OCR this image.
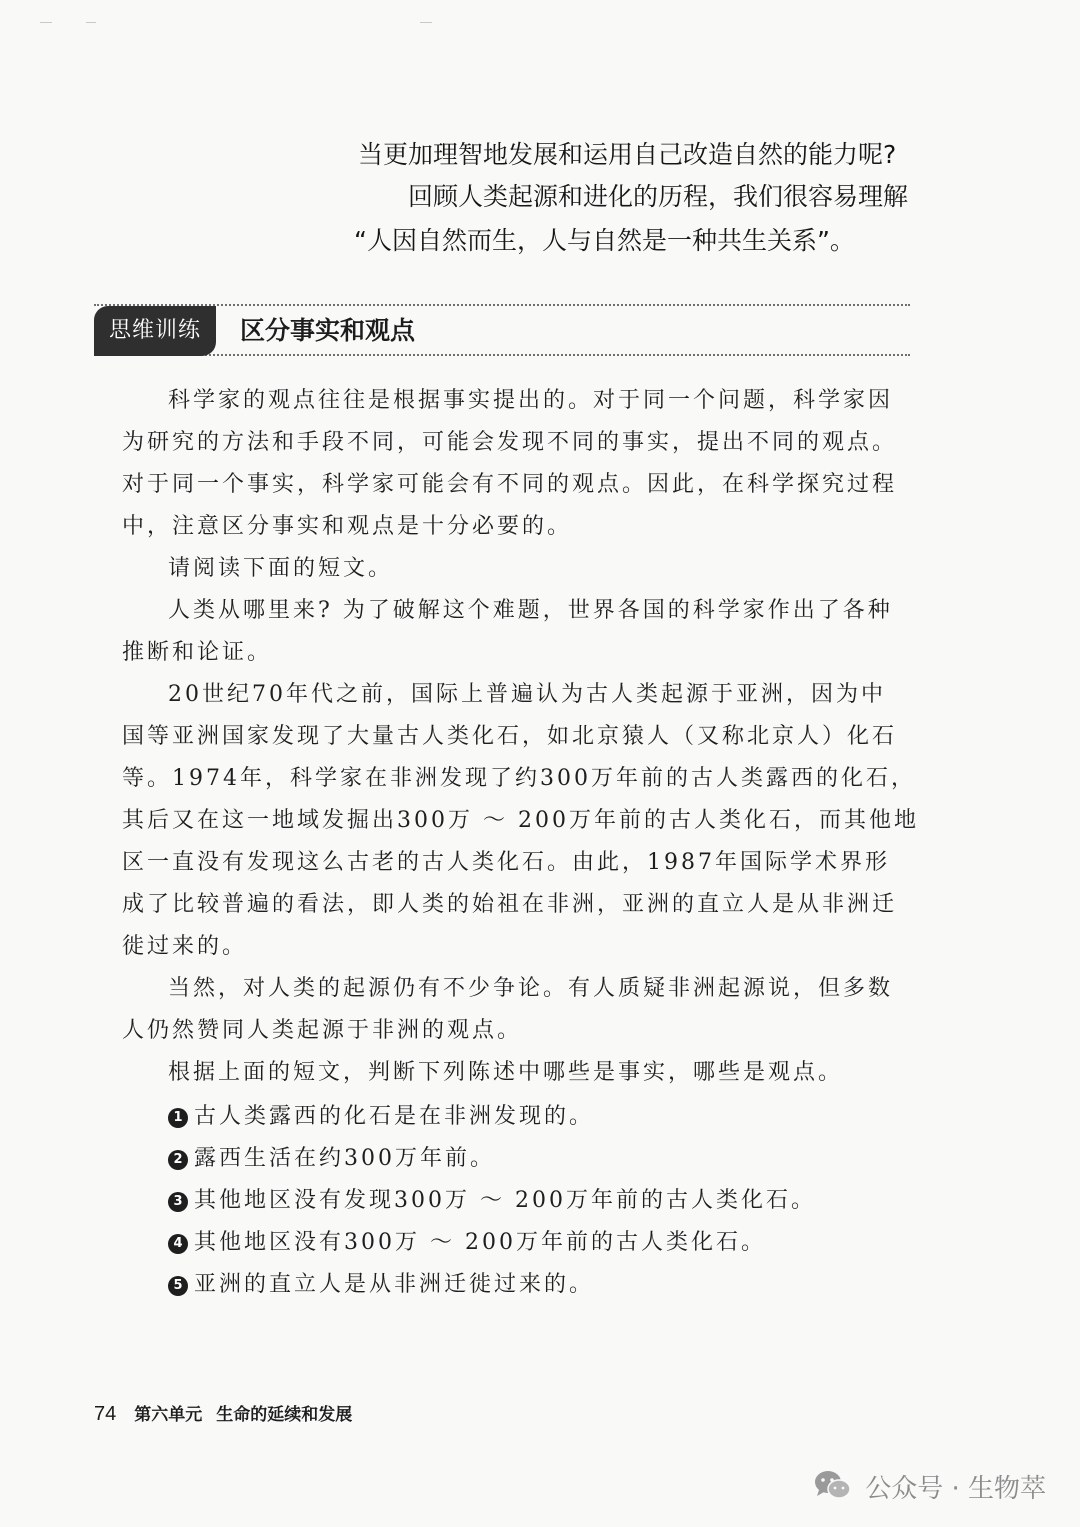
当更加理智地发展和运用自己改造自然的能力呢?
回顾人类起源和进化的历程，我们很容易理解
“人因自然而生，人与自然是一种共生关系”。
思维训练	区分事实和观点
科学家的观点往往是根据事实提出的。对于同一个问题，科学家因
为研究的方法和手段不同，可能会发现不同的事实，提出不同的观点。
对于同一个事实，科学家可能会有不同的观点。因此，在科学探究过程
中，注意区分事实和观点是十分必要的。
请阅读下面的短文。
人类从哪里来? 为了破解这个难题，世界各国的科学家作出了各种
推断和论证。
20世纪70年代之前，国际上普遍认为古人类起源于亚洲，因为中
国等亚洲国家发现了大量古人类化石，如北京猿人（又称北京人）化石
等。1974年，科学家在非洲发现了约300万年前的古人类露西的化石，
其后又在这一地域发掘出300万 ～ 200万年前的古人类化石，而其他地
区一直没有发现这么古老的古人类化石。由此，1987年国际学术界形
成了比较普遍的看法，即人类的始祖在非洲，亚洲的直立人是从非洲迁
徙过来的。
当然，对人类的起源仍有不少争论。有人质疑非洲起源说，但多数
人仍然赞同人类起源于非洲的观点。
根据上面的短文，判断下列陈述中哪些是事实，哪些是观点。
1 古人类露西的化石是在非洲发现的。
2 露西生活在约300万年前。
3 其他地区没有发现300万 ～ 200万年前的古人类化石。
4 其他地区没有300万 ～ 200万年前的古人类化石。
5 亚洲的直立人是从非洲迁徙过来的。
74 第六单元 生命的延续和发展
公众号 · 生物萃
